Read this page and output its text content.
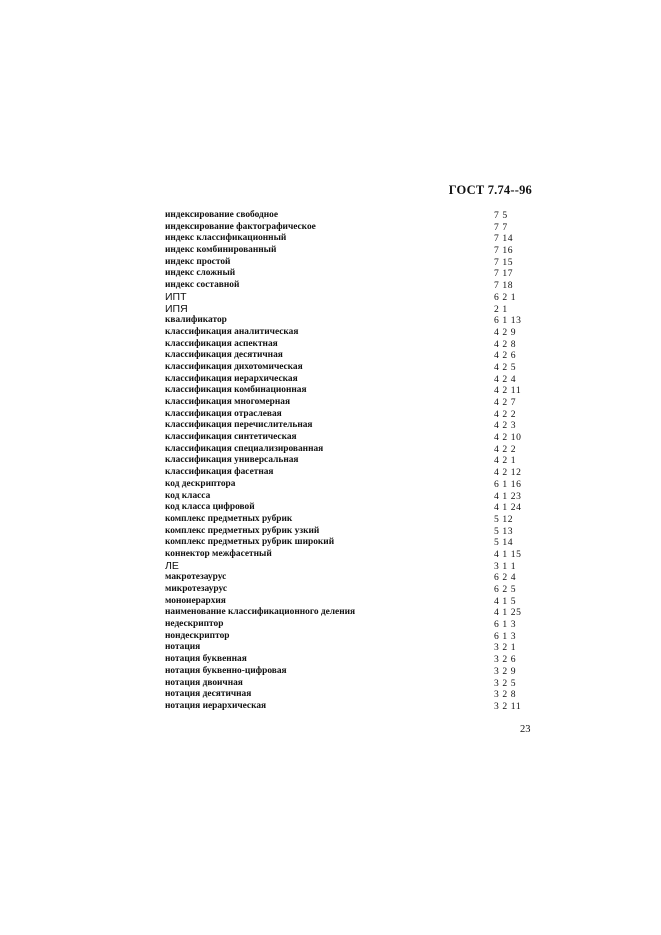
ГОСТ 7.74--96
индексирование свободное	7 5
индексирование фактографическое	7 7
индекс классификационный	7 14
индекс комбинированный	7 16
индекс простой	7 15
индекс сложный	7 17
индекс составной	7 18
ИПТ	6 2 1
ИПЯ	2 1
квалификатор	6 1 13
классификация аналитическая	4 2 9
классификация аспектная	4 2 8
классификация десятичная	4 2 6
классификация дихотомическая	4 2 5
классификация иерархическая	4 2 4
классификация комбинационная	4 2 11
классификация многомерная	4 2 7
классификация отраслевая	4 2 2
классификация перечислительная	4 2 3
классификация синтетическая	4 2 10
классификация специализированная	4 2 2
классификация универсальная	4 2 1
классификация фасетная	4 2 12
код дескриптора	6 1 16
код класса	4 1 23
код класса цифровой	4 1 24
комплекс предметных рубрик	5 12
комплекс предметных рубрик узкий	5 13
комплекс предметных рубрик широкий	5 14
коннектор межфасетный	4 1 15
ЛЕ	3 1 1
макротезаурус	6 2 4
микротезаурус	6 2 5
моноиерархия	4 1 5
наименование классификационного деления	4 1 25
недескриптор	6 1 3
нондескриптор	6 1 3
нотация	3 2 1
нотация буквенная	3 2 6
нотация буквенно-цифровая	3 2 9
нотация двоичная	3 2 5
нотация десятичная	3 2 8
нотация иерархическая	3 2 11
23
